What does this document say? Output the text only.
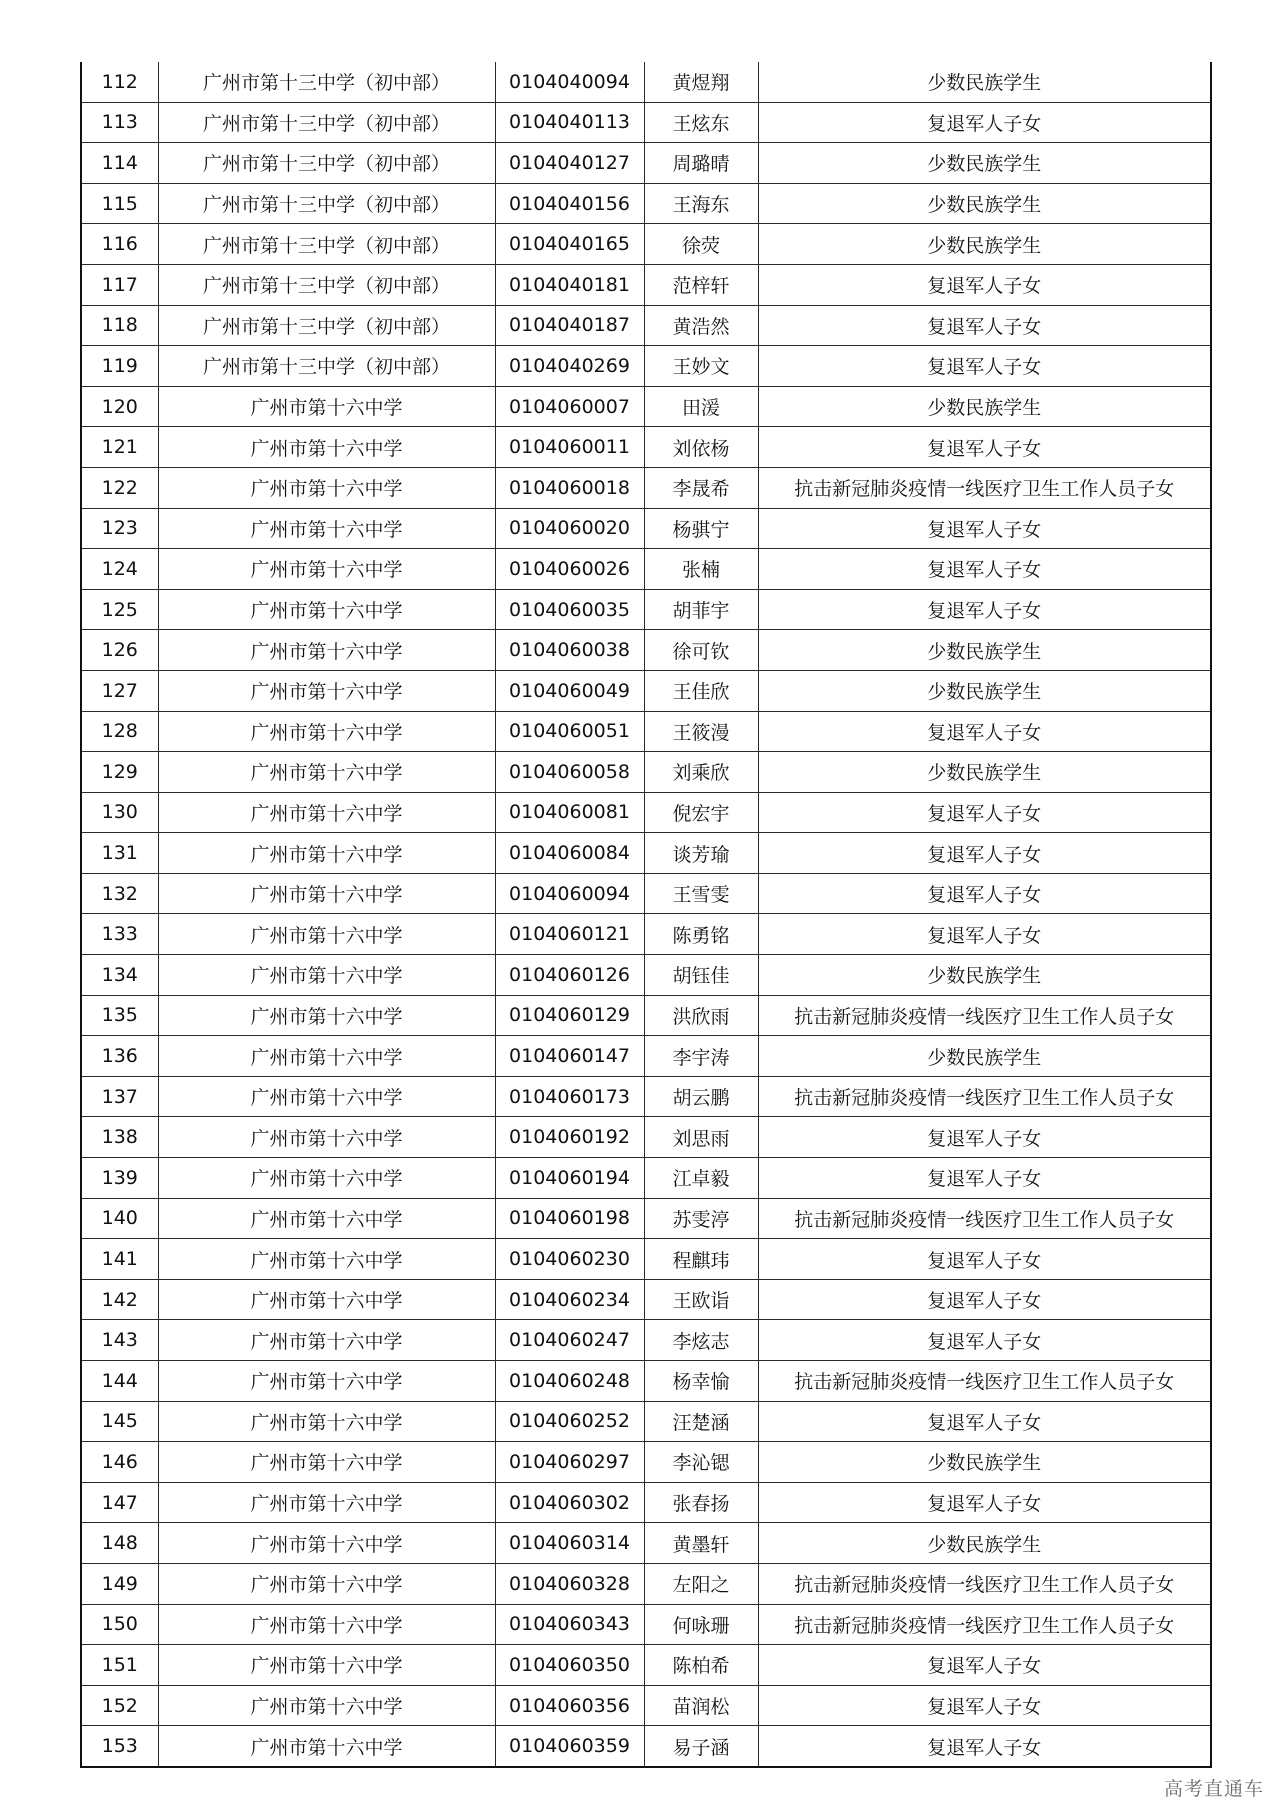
112	广州市第十三中学（初中部）	0104040094	黄煜翔	少数民族学生
113	广州市第十三中学（初中部）	0104040113	王炫东	复退军人子女
114	广州市第十三中学（初中部）	0104040127	周璐晴	少数民族学生
115	广州市第十三中学（初中部）	0104040156	王海东	少数民族学生
116	广州市第十三中学（初中部）	0104040165	徐荧	少数民族学生
117	广州市第十三中学（初中部）	0104040181	范梓轩	复退军人子女
118	广州市第十三中学（初中部）	0104040187	黄浩然	复退军人子女
119	广州市第十三中学（初中部）	0104040269	王妙文	复退军人子女
120	广州市第十六中学	0104060007	田湲	少数民族学生
121	广州市第十六中学	0104060011	刘依杨	复退军人子女
122	广州市第十六中学	0104060018	李晟希	抗击新冠肺炎疫情一线医疗卫生工作人员子女
123	广州市第十六中学	0104060020	杨骐宁	复退军人子女
124	广州市第十六中学	0104060026	张楠	复退军人子女
125	广州市第十六中学	0104060035	胡菲宇	复退军人子女
126	广州市第十六中学	0104060038	徐可钦	少数民族学生
127	广州市第十六中学	0104060049	王佳欣	少数民族学生
128	广州市第十六中学	0104060051	王筱漫	复退军人子女
129	广州市第十六中学	0104060058	刘乘欣	少数民族学生
130	广州市第十六中学	0104060081	倪宏宇	复退军人子女
131	广州市第十六中学	0104060084	谈芳瑜	复退军人子女
132	广州市第十六中学	0104060094	王雪雯	复退军人子女
133	广州市第十六中学	0104060121	陈勇铭	复退军人子女
134	广州市第十六中学	0104060126	胡钰佳	少数民族学生
135	广州市第十六中学	0104060129	洪欣雨	抗击新冠肺炎疫情一线医疗卫生工作人员子女
136	广州市第十六中学	0104060147	李宇涛	少数民族学生
137	广州市第十六中学	0104060173	胡云鹏	抗击新冠肺炎疫情一线医疗卫生工作人员子女
138	广州市第十六中学	0104060192	刘思雨	复退军人子女
139	广州市第十六中学	0104060194	江卓毅	复退军人子女
140	广州市第十六中学	0104060198	苏雯渟	抗击新冠肺炎疫情一线医疗卫生工作人员子女
141	广州市第十六中学	0104060230	程麒玮	复退军人子女
142	广州市第十六中学	0104060234	王欧诣	复退军人子女
143	广州市第十六中学	0104060247	李炫志	复退军人子女
144	广州市第十六中学	0104060248	杨幸愉	抗击新冠肺炎疫情一线医疗卫生工作人员子女
145	广州市第十六中学	0104060252	汪楚涵	复退军人子女
146	广州市第十六中学	0104060297	李沁锶	少数民族学生
147	广州市第十六中学	0104060302	张春扬	复退军人子女
148	广州市第十六中学	0104060314	黄墨轩	少数民族学生
149	广州市第十六中学	0104060328	左阳之	抗击新冠肺炎疫情一线医疗卫生工作人员子女
150	广州市第十六中学	0104060343	何咏珊	抗击新冠肺炎疫情一线医疗卫生工作人员子女
151	广州市第十六中学	0104060350	陈柏希	复退军人子女
152	广州市第十六中学	0104060356	苗润松	复退军人子女
153	广州市第十六中学	0104060359	易子涵	复退军人子女
高考直通车
